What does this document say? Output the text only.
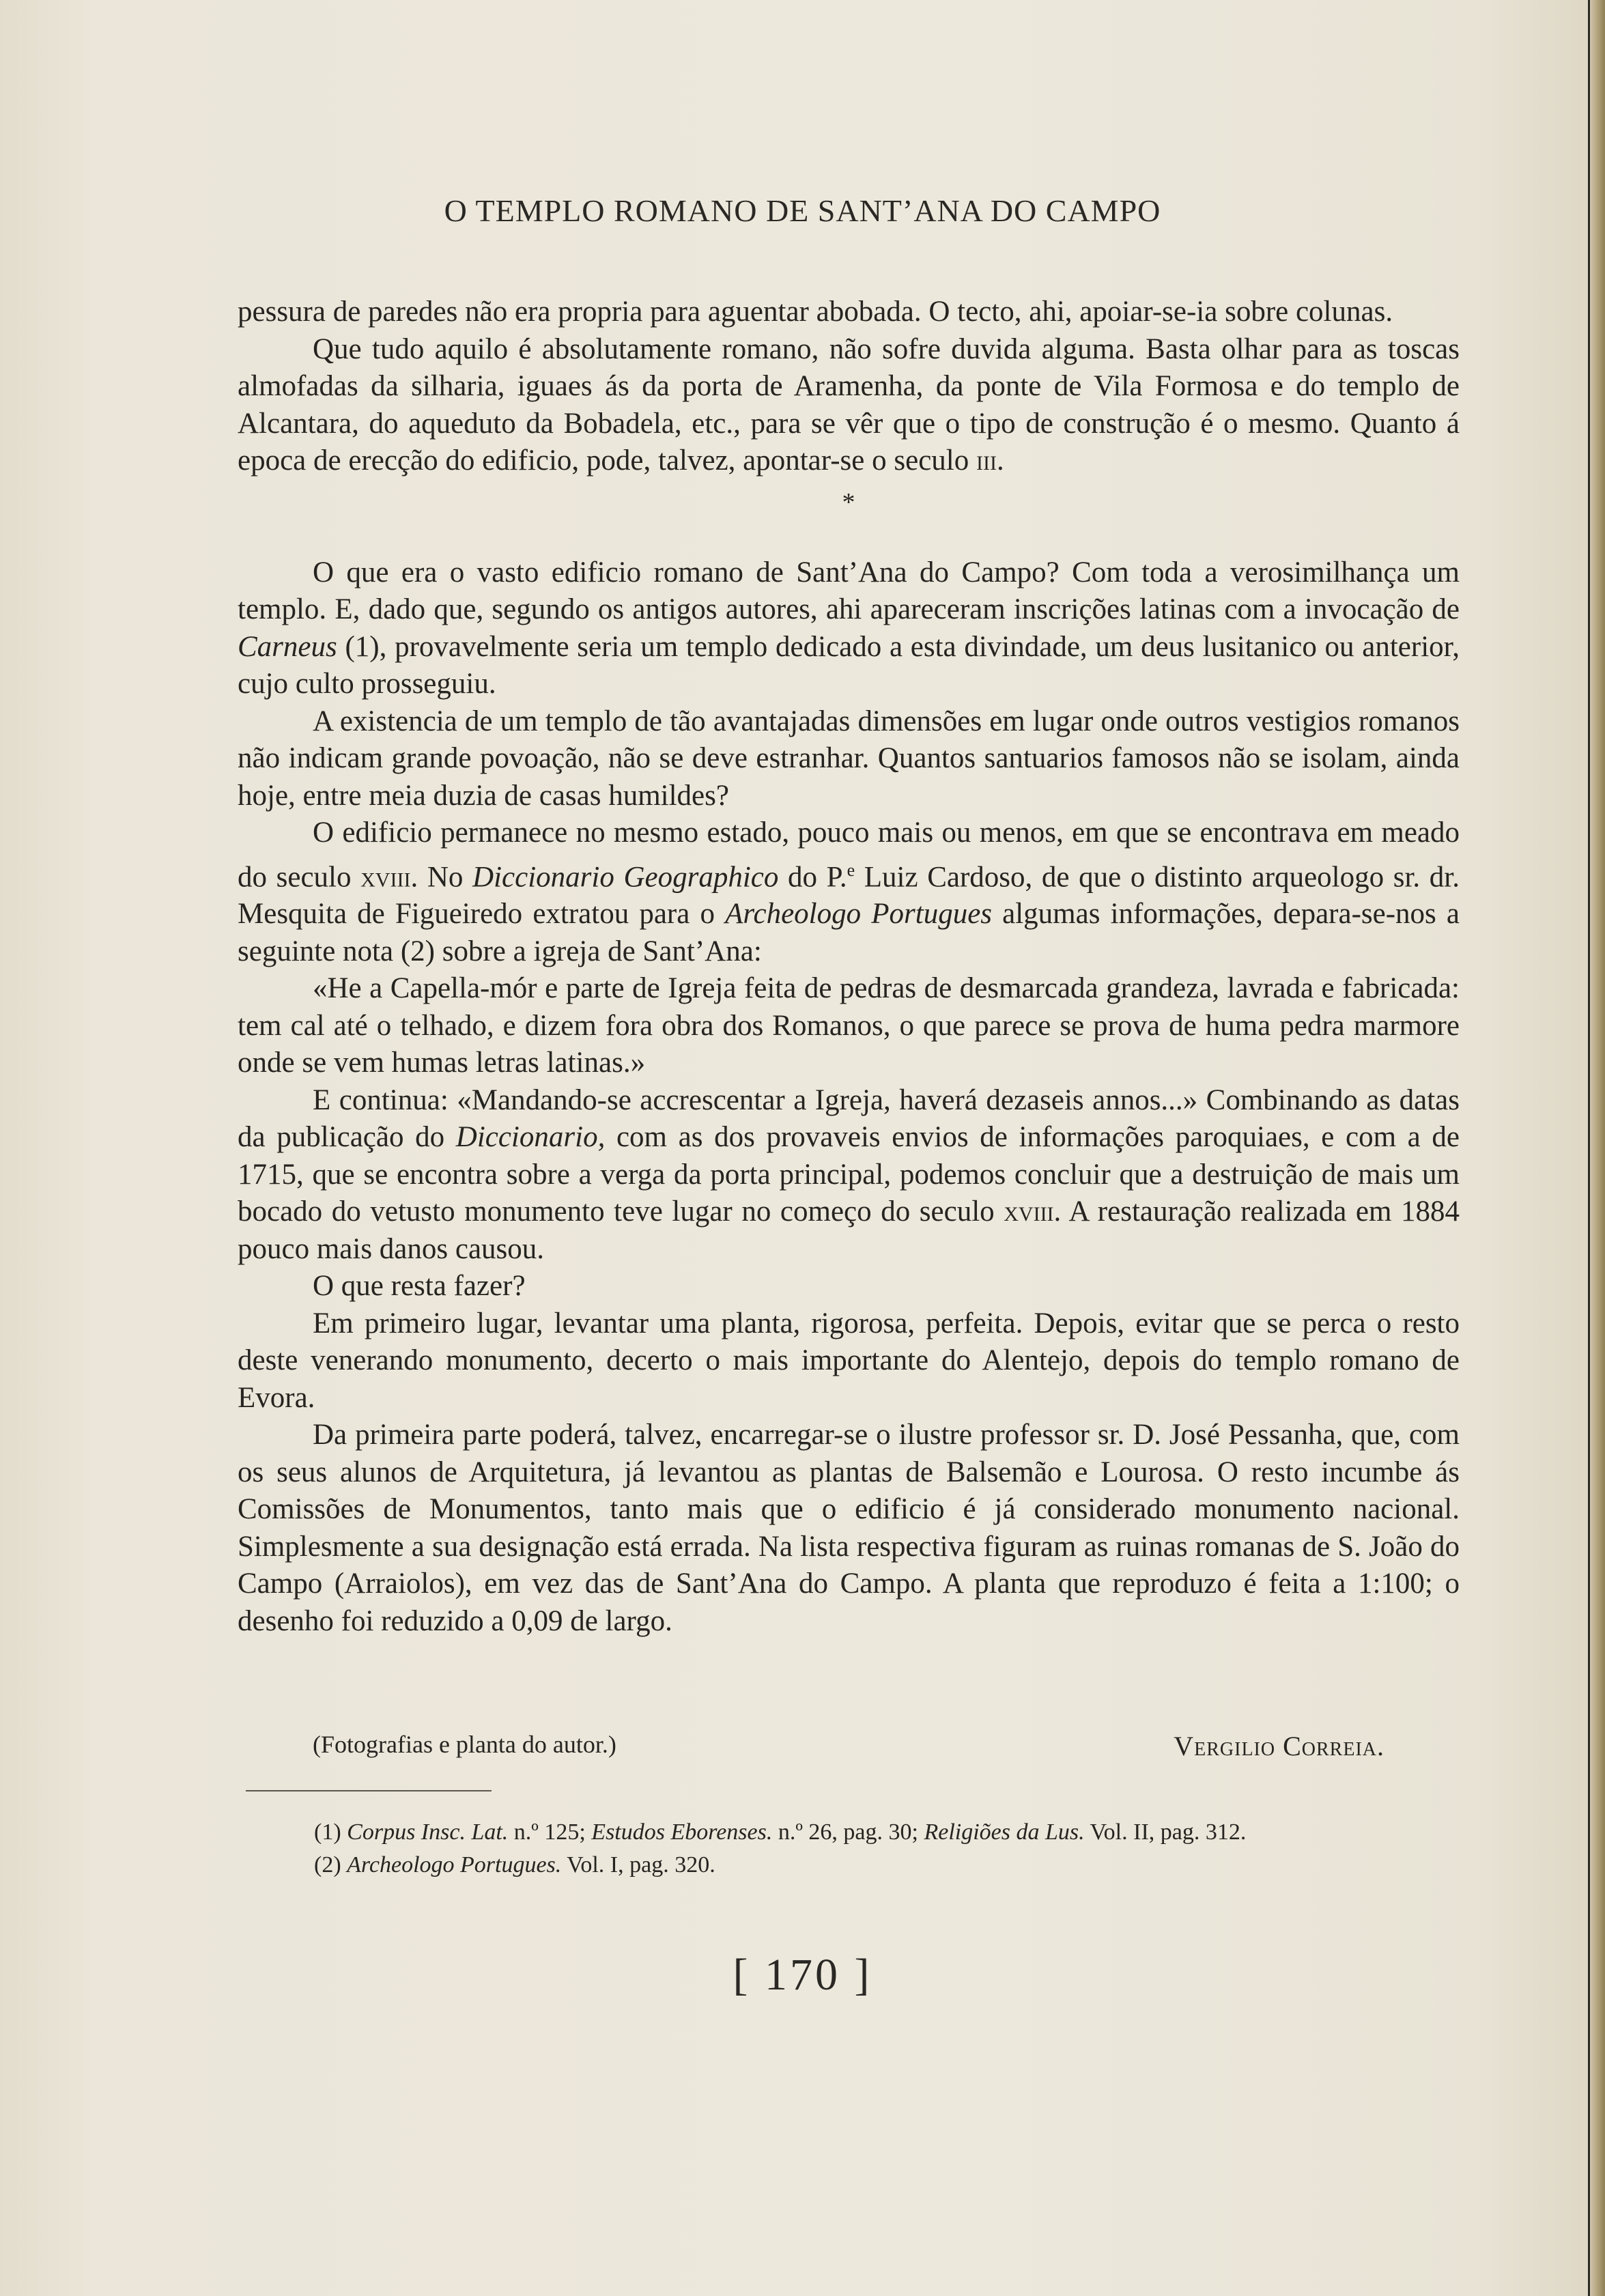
O TEMPLO ROMANO DE SANT’ANA DO CAMPO

pessura de paredes não era propria para aguentar abobada. O tecto, ahi, apoiar-se-ia sobre colunas.

Que tudo aquilo é absolutamente romano, não sofre duvida alguma. Basta olhar para as toscas almofadas da silharia, iguaes ás da porta de Aramenha, da ponte de Vila Formosa e do templo de Alcantara, do aqueduto da Bobadela, etc., para se vêr que o tipo de construção é o mesmo. Quanto á epoca de erecção do edificio, pode, talvez, apontar-se o seculo iii.

*

O que era o vasto edificio romano de Sant’Ana do Campo? Com toda a verosimilhança um templo. E, dado que, segundo os antigos autores, ahi apareceram inscrições latinas com a invocação de Carneus (1), provavelmente seria um templo dedicado a esta divindade, um deus lusitanico ou anterior, cujo culto prosseguiu.

A existencia de um templo de tão avantajadas dimensões em lugar onde outros vestigios romanos não indicam grande povoação, não se deve estranhar. Quantos santuarios famosos não se isolam, ainda hoje, entre meia duzia de casas humildes?

O edificio permanece no mesmo estado, pouco mais ou menos, em que se encontrava em meado do seculo xviii. No Diccionario Geographico do P.$^e$ Luiz Cardoso, de que o distinto arqueologo sr. dr. Mesquita de Figueiredo extratou para o Archeologo Portugues algumas informações, depara-se-nos a seguinte nota (2) sobre a igreja de Sant’Ana:

«He a Capella-mór e parte de Igreja feita de pedras de desmarcada grandeza, lavrada e fabricada: tem cal até o telhado, e dizem fora obra dos Romanos, o que parece se prova de huma pedra marmore onde se vem humas letras latinas.»

E continua: «Mandando-se accrescentar a Igreja, haverá dezaseis annos...» Combinando as datas da publicação do Diccionario, com as dos provaveis envios de informações paroquiaes, e com a de 1715, que se encontra sobre a verga da porta principal, podemos concluir que a destruição de mais um bocado do vetusto monumento teve lugar no começo do seculo xviii. A restauração realizada em 1884 pouco mais danos causou.

O que resta fazer?

Em primeiro lugar, levantar uma planta, rigorosa, perfeita. Depois, evitar que se perca o resto deste venerando monumento, decerto o mais importante do Alentejo, depois do templo romano de Evora.

Da primeira parte poderá, talvez, encarregar-se o ilustre professor sr. D. José Pessanha, que, com os seus alunos de Arquitetura, já levantou as plantas de Balsemão e Lourosa. O resto incumbe ás Comissões de Monumentos, tanto mais que o edificio é já considerado monumento nacional. Simplesmente a sua designação está errada. Na lista respectiva figuram as ruinas romanas de S. João do Campo (Arraiolos), em vez das de Sant’Ana do Campo. A planta que reproduzo é feita a 1:100; o desenho foi reduzido a 0,09 de largo.

(Fotografias e planta do autor.)	Vergilio Correia.

(1) Corpus Insc. Lat. n.º 125; Estudos Eborenses. n.º 26, pag. 30; Religiões da Lus. Vol. II, pag. 312.

(2) Archeologo Portugues. Vol. I, pag. 320.

[ 170 ]
